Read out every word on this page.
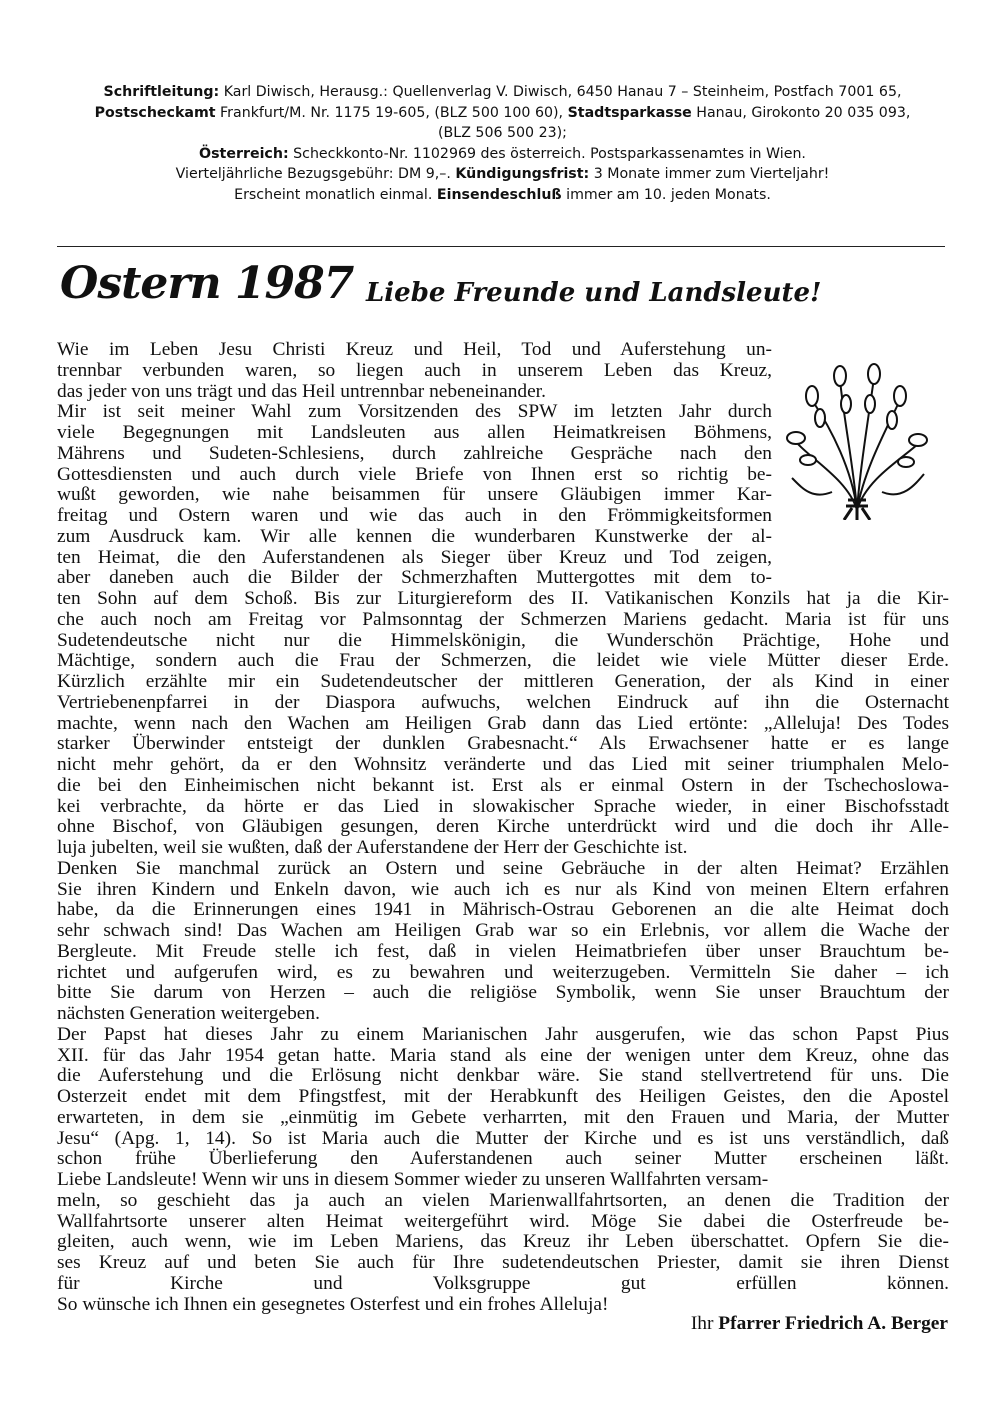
Schriftleitung: Karl Diwisch, Herausg.: Quellenverlag V. Diwisch, 6450 Hanau 7 – Steinheim, Postfach 7001 65,
Postscheckamt Frankfurt/M. Nr. 1175 19-605, (BLZ 500 100 60), Stadtsparkasse Hanau, Girokonto 20 035 093,
(BLZ 506 500 23);
Österreich: Scheckkonto-Nr. 1102969 des österreich. Postsparkassenamtes in Wien.
Vierteljährliche Bezugsgebühr: DM 9,–. Kündigungsfrist: 3 Monate immer zum Vierteljahr!
Erscheint monatlich einmal. Einsendeschluß immer am 10. jeden Monats.
Ostern 1987 Liebe Freunde und Landsleute!
Wie im Leben Jesu Christi Kreuz und Heil, Tod und Auferstehung un-
trennbar verbunden waren, so liegen auch in unserem Leben das Kreuz,
das jeder von uns trägt und das Heil untrennbar nebeneinander.
Mir ist seit meiner Wahl zum Vorsitzenden des SPW im letzten Jahr durch
viele Begegnungen mit Landsleuten aus allen Heimatkreisen Böhmens,
Mährens und Sudeten-Schlesiens, durch zahlreiche Gespräche nach den
Gottesdiensten und auch durch viele Briefe von Ihnen erst so richtig be-
wußt geworden, wie nahe beisammen für unsere Gläubigen immer Kar-
freitag und Ostern waren und wie das auch in den Frömmigkeitsformen
zum Ausdruck kam. Wir alle kennen die wunderbaren Kunstwerke der al-
ten Heimat, die den Auferstandenen als Sieger über Kreuz und Tod zeigen,
aber daneben auch die Bilder der Schmerzhaften Muttergottes mit dem to-
ten Sohn auf dem Schoß. Bis zur Liturgiereform des II. Vatikanischen Konzils hat ja die Kir-
che auch noch am Freitag vor Palmsonntag der Schmerzen Mariens gedacht. Maria ist für uns
Sudetendeutsche nicht nur die Himmelskönigin, die Wunderschön Prächtige, Hohe und
Mächtige, sondern auch die Frau der Schmerzen, die leidet wie viele Mütter dieser Erde.
Kürzlich erzählte mir ein Sudetendeutscher der mittleren Generation, der als Kind in einer
Vertriebenenpfarrei in der Diaspora aufwuchs, welchen Eindruck auf ihn die Osternacht
machte, wenn nach den Wachen am Heiligen Grab dann das Lied ertönte: „Alleluja! Des Todes
starker Überwinder entsteigt der dunklen Grabesnacht.“ Als Erwachsener hatte er es lange
nicht mehr gehört, da er den Wohnsitz veränderte und das Lied mit seiner triumphalen Melo-
die bei den Einheimischen nicht bekannt ist. Erst als er einmal Ostern in der Tschechoslowa-
kei verbrachte, da hörte er das Lied in slowakischer Sprache wieder, in einer Bischofsstadt
ohne Bischof, von Gläubigen gesungen, deren Kirche unterdrückt wird und die doch ihr Alle-
luja jubelten, weil sie wußten, daß der Auferstandene der Herr der Geschichte ist.
Denken Sie manchmal zurück an Ostern und seine Gebräuche in der alten Heimat? Erzählen
Sie ihren Kindern und Enkeln davon, wie auch ich es nur als Kind von meinen Eltern erfahren
habe, da die Erinnerungen eines 1941 in Mährisch-Ostrau Geborenen an die alte Heimat doch
sehr schwach sind! Das Wachen am Heiligen Grab war so ein Erlebnis, vor allem die Wache der
Bergleute. Mit Freude stelle ich fest, daß in vielen Heimatbriefen über unser Brauchtum be-
richtet und aufgerufen wird, es zu bewahren und weiterzugeben. Vermitteln Sie daher – ich
bitte Sie darum von Herzen – auch die religiöse Symbolik, wenn Sie unser Brauchtum der
nächsten Generation weitergeben.
Der Papst hat dieses Jahr zu einem Marianischen Jahr ausgerufen, wie das schon Papst Pius
XII. für das Jahr 1954 getan hatte. Maria stand als eine der wenigen unter dem Kreuz, ohne das
die Auferstehung und die Erlösung nicht denkbar wäre. Sie stand stellvertretend für uns. Die
Osterzeit endet mit dem Pfingstfest, mit der Herabkunft des Heiligen Geistes, den die Apostel
erwarteten, in dem sie „einmütig im Gebete verharrten, mit den Frauen und Maria, der Mutter
Jesu“ (Apg. 1, 14). So ist Maria auch die Mutter der Kirche und es ist uns verständlich, daß
schon frühe Überlieferung den Auferstandenen auch seiner Mutter erscheinen läßt.
Liebe Landsleute! Wenn wir uns in diesem Sommer wieder zu unseren Wallfahrten versam-
meln, so geschieht das ja auch an vielen Marienwallfahrtsorten, an denen die Tradition der
Wallfahrtsorte unserer alten Heimat weitergeführt wird. Möge Sie dabei die Osterfreude be-
gleiten, auch wenn, wie im Leben Mariens, das Kreuz ihr Leben überschattet. Opfern Sie die-
ses Kreuz auf und beten Sie auch für Ihre sudetendeutschen Priester, damit sie ihren Dienst
für Kirche und Volksgruppe gut erfüllen können.
So wünsche ich Ihnen ein gesegnetes Osterfest und ein frohes Alleluja!
Ihr Pfarrer Friedrich A. Berger
